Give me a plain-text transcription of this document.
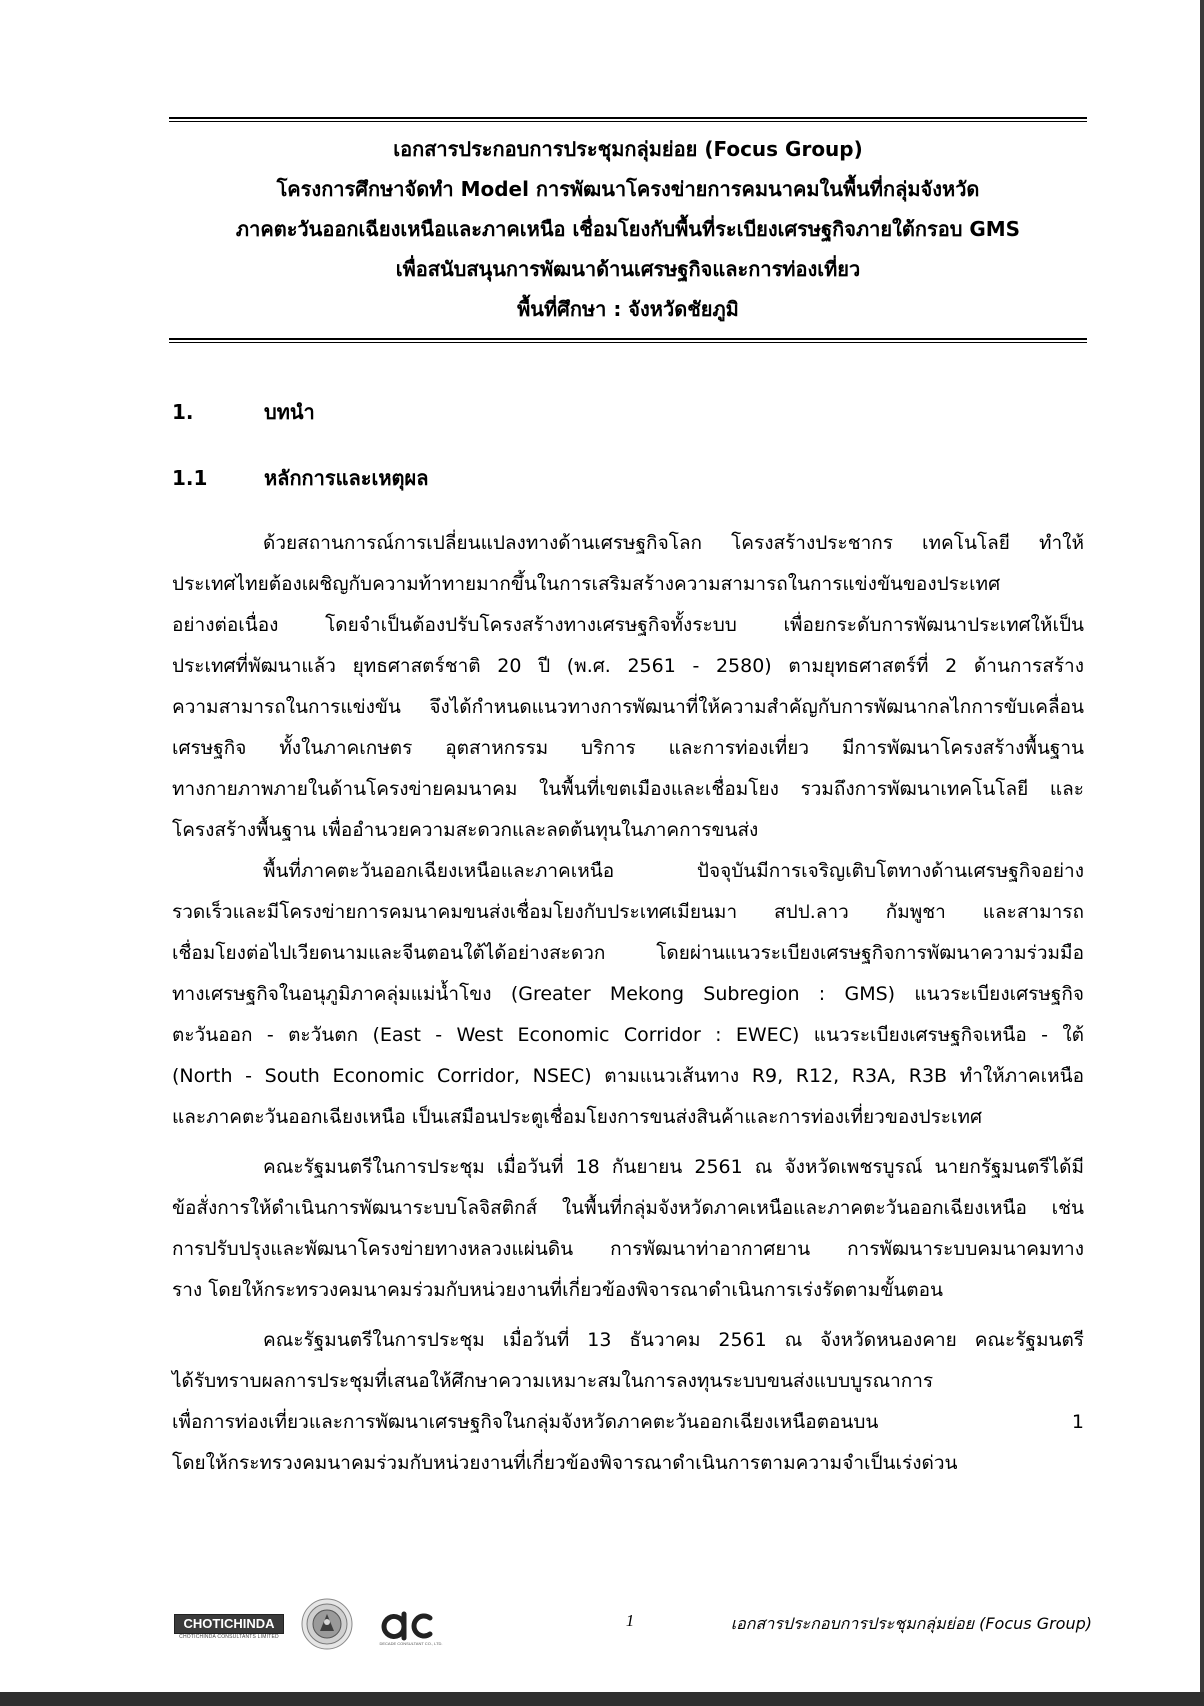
เอกสารประกอบการประชุมกลุ่มย่อย (Focus Group)
โครงการศึกษาจัดทำ Model การพัฒนาโครงข่ายการคมนาคมในพื้นที่กลุ่มจังหวัด
ภาคตะวันออกเฉียงเหนือและภาคเหนือ เชื่อมโยงกับพื้นที่ระเบียงเศรษฐกิจภายใต้กรอบ GMS
เพื่อสนับสนุนการพัฒนาด้านเศรษฐกิจและการท่องเที่ยว
พื้นที่ศึกษา : จังหวัดชัยภูมิ
1.	บทนำ
1.1	หลักการและเหตุผล
ด้วยสถานการณ์การเปลี่ยนแปลงทางด้านเศรษฐกิจโลก โครงสร้างประชากร เทคโนโลยี ทำให้
ประเทศไทยต้องเผชิญกับความท้าทายมากขึ้นในการเสริมสร้างความสามารถในการแข่งขันของประเทศ
อย่างต่อเนื่อง โดยจำเป็นต้องปรับโครงสร้างทางเศรษฐกิจทั้งระบบ เพื่อยกระดับการพัฒนาประเทศให้เป็น
ประเทศที่พัฒนาแล้ว ยุทธศาสตร์ชาติ 20 ปี (พ.ศ. 2561 - 2580) ตามยุทธศาสตร์ที่ 2 ด้านการสร้าง
ความสามารถในการแข่งขัน จึงได้กำหนดแนวทางการพัฒนาที่ให้ความสำคัญกับการพัฒนากลไกการขับเคลื่อน
เศรษฐกิจ ทั้งในภาคเกษตร อุตสาหกรรม บริการ และการท่องเที่ยว มีการพัฒนาโครงสร้างพื้นฐาน
ทางกายภาพภายในด้านโครงข่ายคมนาคม ในพื้นที่เขตเมืองและเชื่อมโยง รวมถึงการพัฒนาเทคโนโลยี และ
โครงสร้างพื้นฐาน เพื่ออำนวยความสะดวกและลดต้นทุนในภาคการขนส่ง
พื้นที่ภาคตะวันออกเฉียงเหนือและภาคเหนือ ปัจจุบันมีการเจริญเติบโตทางด้านเศรษฐกิจอย่าง
รวดเร็วและมีโครงข่ายการคมนาคมขนส่งเชื่อมโยงกับประเทศเมียนมา สปป.ลาว กัมพูชา และสามารถ
เชื่อมโยงต่อไปเวียดนามและจีนตอนใต้ได้อย่างสะดวก โดยผ่านแนวระเบียงเศรษฐกิจการพัฒนาความร่วมมือ
ทางเศรษฐกิจในอนุภูมิภาคลุ่มแม่น้ำโขง (Greater Mekong Subregion : GMS) แนวระเบียงเศรษฐกิจ
ตะวันออก - ตะวันตก (East - West Economic Corridor : EWEC) แนวระเบียงเศรษฐกิจเหนือ - ใต้
(North - South Economic Corridor, NSEC) ตามแนวเส้นทาง R9, R12, R3A, R3B ทำให้ภาคเหนือ
และภาคตะวันออกเฉียงเหนือ เป็นเสมือนประตูเชื่อมโยงการขนส่งสินค้าและการท่องเที่ยวของประเทศ
คณะรัฐมนตรีในการประชุม เมื่อวันที่ 18 กันยายน 2561 ณ จังหวัดเพชรบูรณ์ นายกรัฐมนตรีได้มี
ข้อสั่งการให้ดำเนินการพัฒนาระบบโลจิสติกส์ ในพื้นที่กลุ่มจังหวัดภาคเหนือและภาคตะวันออกเฉียงเหนือ เช่น
การปรับปรุงและพัฒนาโครงข่ายทางหลวงแผ่นดิน การพัฒนาท่าอากาศยาน การพัฒนาระบบคมนาคมทาง
ราง โดยให้กระทรวงคมนาคมร่วมกับหน่วยงานที่เกี่ยวข้องพิจารณาดำเนินการเร่งรัดตามขั้นตอน
คณะรัฐมนตรีในการประชุม เมื่อวันที่ 13 ธันวาคม 2561 ณ จังหวัดหนองคาย คณะรัฐมนตรี
ได้รับทราบผลการประชุมที่เสนอให้ศึกษาความเหมาะสมในการลงทุนระบบขนส่งแบบบูรณาการ
เพื่อการท่องเที่ยวและการพัฒนาเศรษฐกิจในกลุ่มจังหวัดภาคตะวันออกเฉียงเหนือตอนบน 1
โดยให้กระทรวงคมนาคมร่วมกับหน่วยงานที่เกี่ยวข้องพิจารณาดำเนินการตามความจำเป็นเร่งด่วน
CHOTICHINDA
CHOTICHINDA CONSULTANTS LIMITED
DECADE CONSULTANT CO., LTD.
1	เอกสารประกอบการประชุมกลุ่มย่อย (Focus Group)
